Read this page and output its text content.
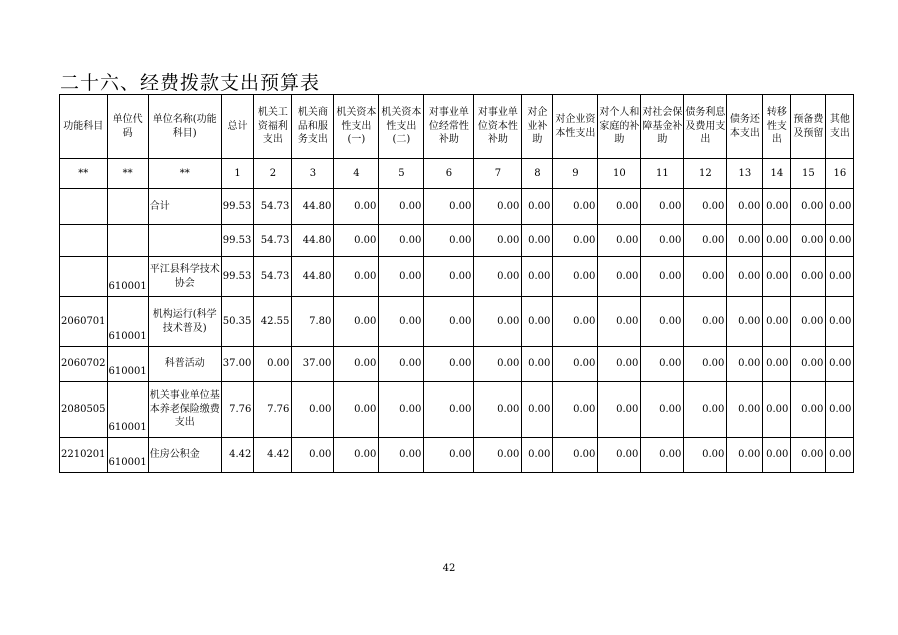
二十六、经费拨款支出预算表
功能科目	单位代码	单位名称(功能科目)	总计	机关工资福利支出	机关商品和服务支出	机关资本性支出(一)	机关资本性支出(二)	对事业单位经常性补助	对事业单位资本性补助	对企业补助	对企业资本性支出	对个人和家庭的补助	对社会保障基金补助	债务利息及费用支出	债务还本支出	转移性支出	预备费及预留	其他支出
**	**	**	1	2	3	4	5	6	7	8	9	10	11	12	13	14	15	16
		合计	99.53	54.73	44.80	0.00	0.00	0.00	0.00	0.00	0.00	0.00	0.00	0.00	0.00	0.00	0.00	0.00
			99.53	54.73	44.80	0.00	0.00	0.00	0.00	0.00	0.00	0.00	0.00	0.00	0.00	0.00	0.00	0.00
	610001	平江县科学技术协会	99.53	54.73	44.80	0.00	0.00	0.00	0.00	0.00	0.00	0.00	0.00	0.00	0.00	0.00	0.00	0.00
2060701	610001	机构运行(科学技术普及)	50.35	42.55	7.80	0.00	0.00	0.00	0.00	0.00	0.00	0.00	0.00	0.00	0.00	0.00	0.00	0.00
2060702	610001	科普活动	37.00	0.00	37.00	0.00	0.00	0.00	0.00	0.00	0.00	0.00	0.00	0.00	0.00	0.00	0.00	0.00
2080505	610001	机关事业单位基本养老保险缴费支出	7.76	7.76	0.00	0.00	0.00	0.00	0.00	0.00	0.00	0.00	0.00	0.00	0.00	0.00	0.00	0.00
2210201	610001	住房公积金	4.42	4.42	0.00	0.00	0.00	0.00	0.00	0.00	0.00	0.00	0.00	0.00	0.00	0.00	0.00	0.00
42
